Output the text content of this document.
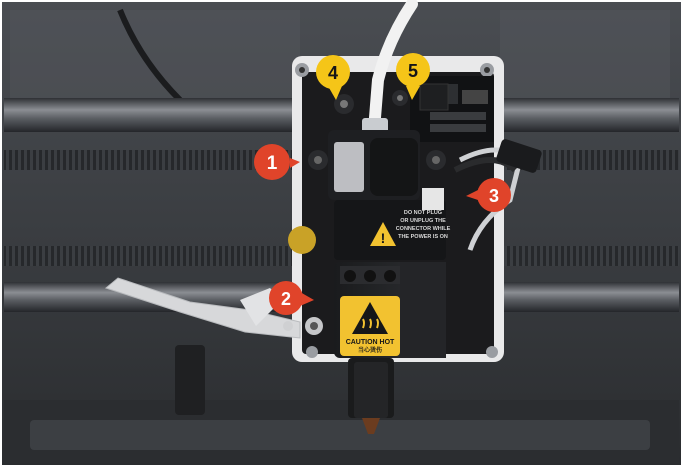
!
DO NOT PLUG
OR UNPLUG THE
CONNECTOR WHILE
THE POWER IS ON
CAUTION HOT
当心烫伤
1
2
3
4	5
